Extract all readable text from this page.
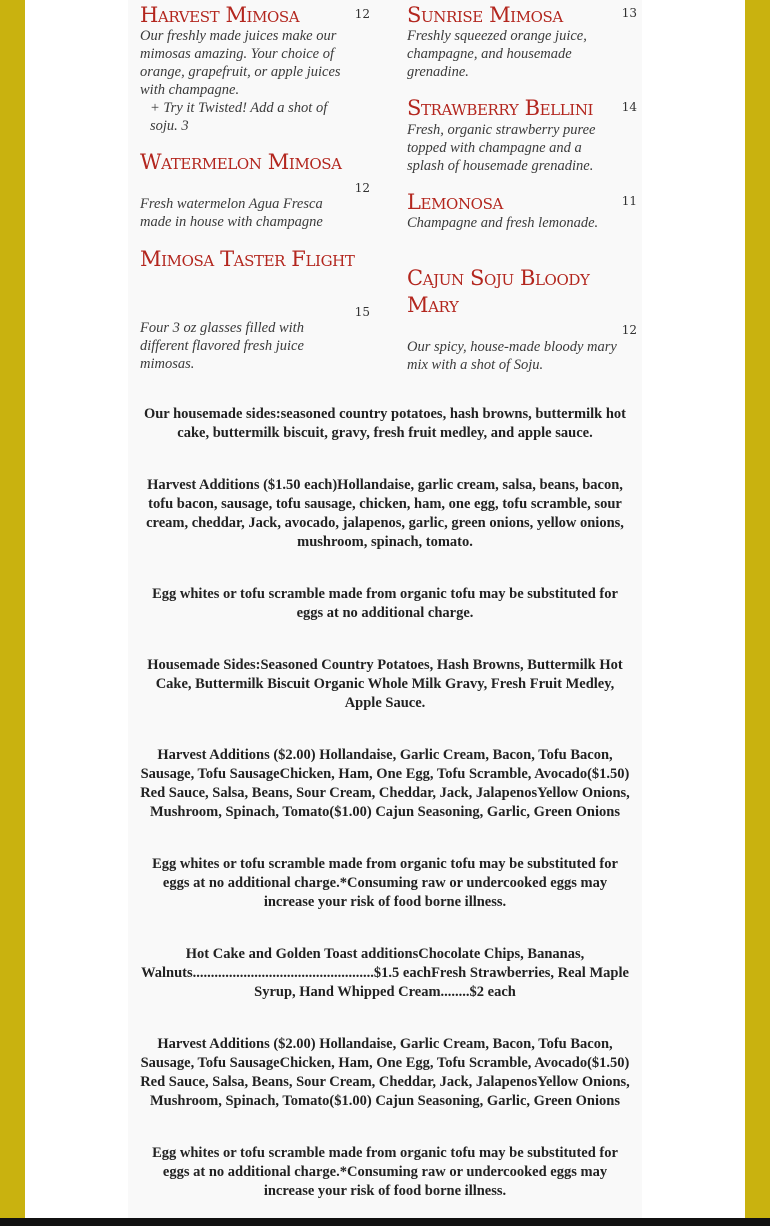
Harvest Mimosa	12
Our freshly made juices make our mimosas amazing. Your choice of orange, grapefruit, or apple juices with champagne.
+ Try it Twisted! Add a shot of soju. 3
Watermelon Mimosa
12
Fresh watermelon Agua Fresca made in house with champagne
Mimosa Taster Flight
15
Four 3 oz glasses filled with different flavored fresh juice mimosas.
Sunrise Mimosa	13
Freshly squeezed orange juice, champagne, and housemade grenadine.
Strawberry Bellini 14
Fresh, organic strawberry puree topped with champagne and a splash of housemade grenadine.
Lemonosa	11
Champagne and fresh lemonade.
Cajun Soju Bloody Mary
12
Our spicy, house-made bloody mary mix with a shot of Soju.
Our housemade sides:seasoned country potatoes, hash browns, buttermilk hot cake, buttermilk biscuit, gravy, fresh fruit medley, and apple sauce.
Harvest Additions ($1.50 each)Hollandaise, garlic cream, salsa, beans, bacon, tofu bacon, sausage, tofu sausage, chicken, ham, one egg, tofu scramble, sour cream, cheddar, Jack, avocado, jalapenos, garlic, green onions, yellow onions, mushroom, spinach, tomato.
Egg whites or tofu scramble made from organic tofu may be substituted for eggs at no additional charge.
Housemade Sides:Seasoned Country Potatoes, Hash Browns, Buttermilk Hot Cake, Buttermilk Biscuit Organic Whole Milk Gravy, Fresh Fruit Medley, Apple Sauce.
Harvest Additions ($2.00) Hollandaise, Garlic Cream, Bacon, Tofu Bacon, Sausage, Tofu SausageChicken, Ham, One Egg, Tofu Scramble, Avocado($1.50) Red Sauce, Salsa, Beans, Sour Cream, Cheddar, Jack, JalapenosYellow Onions, Mushroom, Spinach, Tomato($1.00) Cajun Seasoning, Garlic, Green Onions
Egg whites or tofu scramble made from organic tofu may be substituted for eggs at no additional charge.*Consuming raw or undercooked eggs may increase your risk of food borne illness.
Hot Cake and Golden Toast additionsChocolate Chips, Bananas, Walnuts..................................................$1.5 eachFresh Strawberries, Real Maple Syrup, Hand Whipped Cream........$2 each
Harvest Additions ($2.00) Hollandaise, Garlic Cream, Bacon, Tofu Bacon, Sausage, Tofu SausageChicken, Ham, One Egg, Tofu Scramble, Avocado($1.50) Red Sauce, Salsa, Beans, Sour Cream, Cheddar, Jack, JalapenosYellow Onions, Mushroom, Spinach, Tomato($1.00) Cajun Seasoning, Garlic, Green Onions
Egg whites or tofu scramble made from organic tofu may be substituted for eggs at no additional charge.*Consuming raw or undercooked eggs may increase your risk of food borne illness.
